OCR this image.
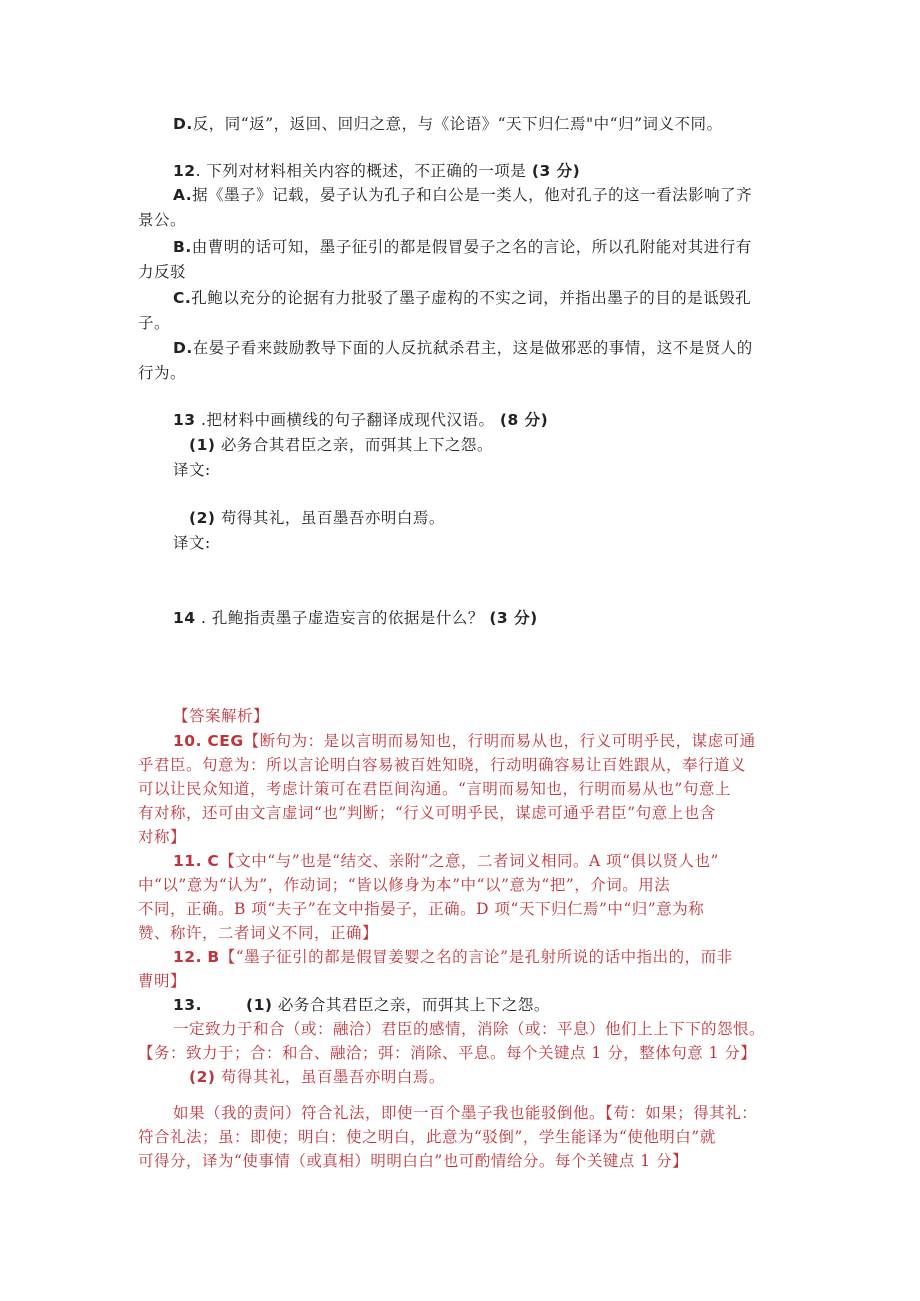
D.反，同“返”，返回、回归之意，与《论语》“天下归仁焉"中“归”词义不同。
12. 下列对材料相关内容的概述，不正确的一项是 (3 分)
A.据《墨子》记载，晏子认为孔子和白公是一类人，他对孔子的这一看法影响了齐
景公。
B.由曹明的话可知，墨子征引的都是假冒晏子之名的言论，所以孔附能对其进行有
力反驳
C.孔鲍以充分的论据有力批驳了墨子虚构的不实之词，并指出墨子的目的是诋毁孔
子。
D.在晏子看来鼓励教导下面的人反抗弑杀君主，这是做邪恶的事情，这不是贤人的
行为。
13 .把材料中画横线的句子翻译成现代汉语。 (8 分)
(1) 必务合其君臣之亲，而弭其上下之怨。
译文:
(2) 苟得其礼，虽百墨吾亦明白焉。
译文:
14 . 孔鲍指责墨子虚造妄言的依据是什么？ (3 分)
【答案解析】
10. CEG【断句为：是以言明而易知也，行明而易从也，行义可明乎民，谋虑可通
乎君臣。句意为：所以言论明白容易被百姓知晓，行动明确容易让百姓跟从，奉行道义
可以让民众知道，考虑计策可在君臣间沟通。“言明而易知也，行明而易从也”句意上
有对称，还可由文言虚词“也”判断；“行义可明乎民，谋虑可通乎君臣”句意上也含
对称】
11. C【文中“与”也是“结交、亲附”之意，二者词义相同。A 项“俱以贤人也”
中“以”意为“认为”，作动词；“皆以修身为本”中“以”意为“把”，介词。用法
不同，正确。B 项“夫子”在文中指晏子，正确。D 项“天下归仁焉”中“归”意为称
赞、称许，二者词义不同，正确】
12. B【“墨子征引的都是假冒姜婴之名的言论”是孔射所说的话中指出的，而非
曹明】
13.	(1) 必务合其君臣之亲，而弭其上下之怨。
一定致力于和合（或：融洽）君臣的感情，消除（或：平息）他们上上下下的怨恨。
【务：致力于；合：和合、融洽；弭：消除、平息。每个关键点 1 分，整体句意 1 分】
(2) 苟得其礼，虽百墨吾亦明白焉。
如果（我的责问）符合礼法，即使一百个墨子我也能驳倒他。【苟：如果；得其礼：
符合礼法；虽：即使；明白：使之明白，此意为“驳倒”，学生能译为“使他明白”就
可得分，译为“使事情（或真相）明明白白”也可酌情给分。每个关键点 1 分】
